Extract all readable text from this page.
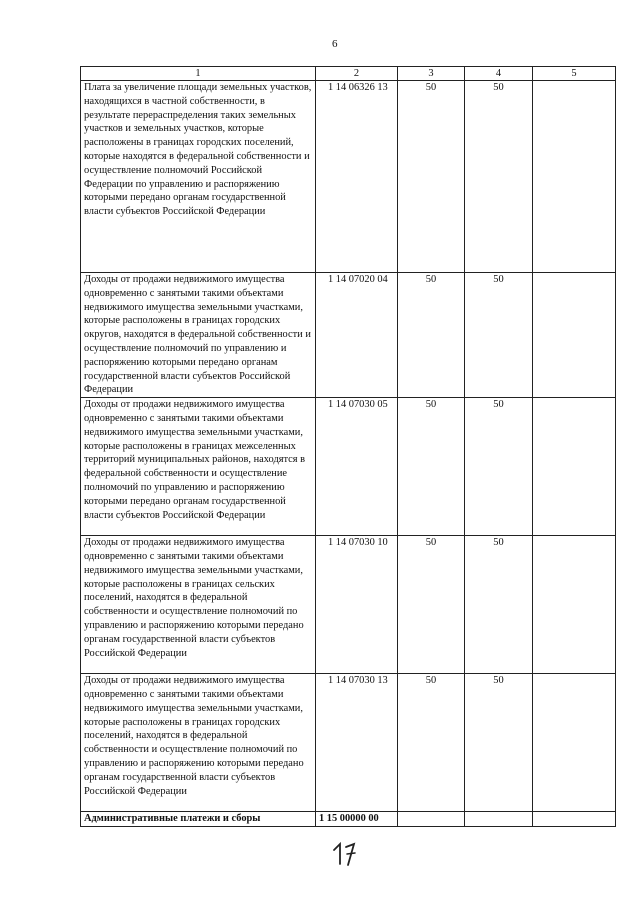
6
1	2	3	4	5
Плата за увеличение площади земельных участков, находящихся в частной собственности, в результате перераспределения таких земельных участков и земельных участков, которые расположены в границах городских поселений, которые находятся в федеральной собственности и осуществление полномочий Российской Федерации по управлению и распоряжению которыми передано органам государственной власти субъектов Российской Федерации	1 14 06326 13	50	50	
Доходы от продажи недвижимого имущества одновременно с занятыми такими объектами недвижимого имущества земельными участками, которые расположены в границах городских округов, находятся в федеральной собственности и осуществление полномочий по управлению и распоряжению которыми передано органам государственной власти субъектов Российской Федерации	1 14 07020 04	50	50	
Доходы от продажи недвижимого имущества одновременно с занятыми такими объектами недвижимого имущества земельными участками, которые расположены в границах межселенных территорий муниципальных районов, находятся в федеральной собственности и осуществление полномочий по управлению и распоряжению которыми передано органам государственной власти субъектов Российской Федерации	1 14 07030 05	50	50	
Доходы от продажи недвижимого имущества одновременно с занятыми такими объектами недвижимого имущества земельными участками, которые расположены в границах сельских поселений, находятся в федеральной собственности и осуществление полномочий по управлению и распоряжению которыми передано органам государственной власти субъектов Российской Федерации	1 14 07030 10	50	50	
Доходы от продажи недвижимого имущества одновременно с занятыми такими объектами недвижимого имущества земельными участками, которые расположены в границах городских поселений, находятся в федеральной собственности и осуществление полномочий по управлению и распоряжению которыми передано органам государственной власти субъектов Российской Федерации	1 14 07030 13	50	50	
Административные платежи и сборы	1 15 00000 00			
